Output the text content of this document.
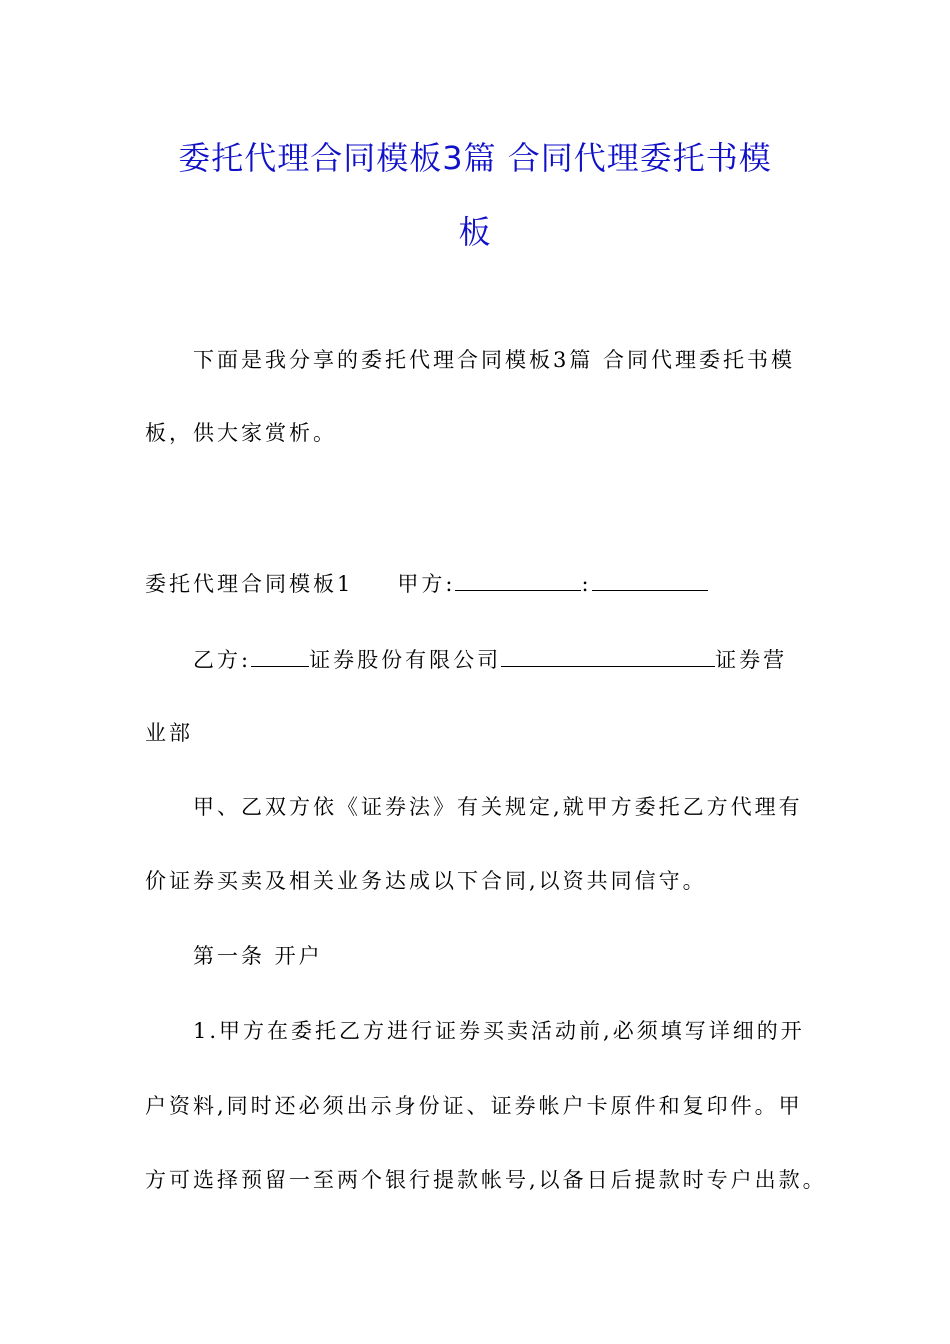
委托代理合同模板3篇 合同代理委托书模
板
下面是我分享的委托代理合同模板3篇 合同代理委托书模
板，供大家赏析。
委托代理合同模板1 甲方:	:
乙方:	证券股份有限公司	证券营
业部
甲、乙双方依《证券法》有关规定,就甲方委托乙方代理有
价证券买卖及相关业务达成以下合同,以资共同信守。
第一条 开户
1.甲方在委托乙方进行证券买卖活动前,必须填写详细的开
户资料,同时还必须出示身份证、证券帐户卡原件和复印件。甲
方可选择预留一至两个银行提款帐号,以备日后提款时专户出款。
